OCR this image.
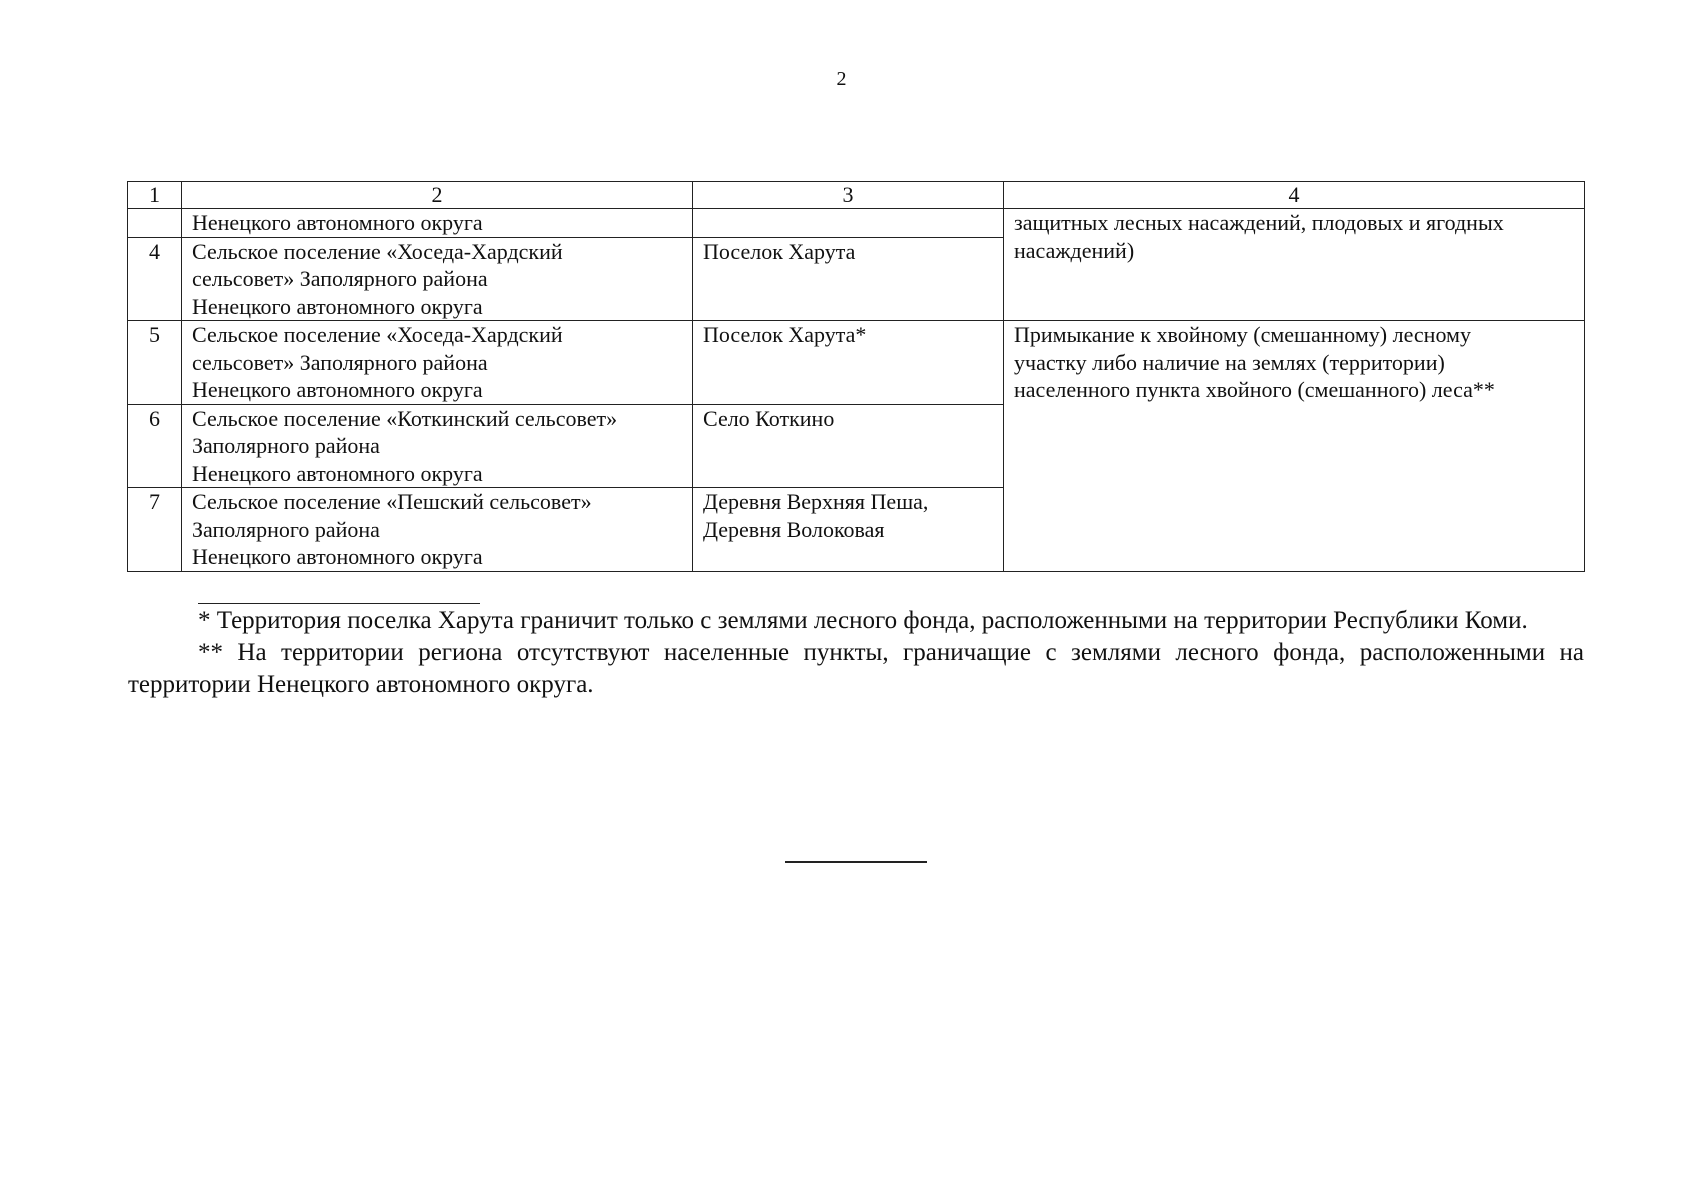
2
1	2	3	4

	Ненецкого автономного округа		защитных лесных насаждений, плодовых и ягодных
насаждений)

4	Сельское поселение «Хоседа-Хардский
сельсовет» Заполярного района
Ненецкого автономного округа	Поселок Харута	

5	Сельское поселение «Хоседа-Хардский
сельсовет» Заполярного района
Ненецкого автономного округа	Поселок Харута*	Примыкание к хвойному (смешанному) лесному
участку либо наличие на землях (территории)
населенного пункта хвойного (смешанного) леса**

6	Сельское поселение «Коткинский сельсовет»
Заполярного района
Ненецкого автономного округа	Село Коткино	

7	Сельское поселение «Пешский сельсовет»
Заполярного района
Ненецкого автономного округа	Деревня Верхняя Пеша,
Деревня Волоковая	

* Территория поселка Харута граничит только с землями лесного фонда, расположенными на территории Республики Коми.

** На территории региона отсутствуют населенные пункты, граничащие с землями лесного фонда, расположенными на территории Ненецкого автономного округа.
